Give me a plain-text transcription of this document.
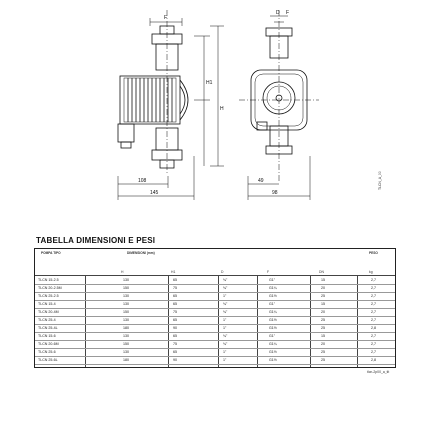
F
H1
H
108
145
D F
49
98
TLCN_A_00
TABELLA DIMENSIONI E PESI
POMPA TIPO	DIMENSIONI (mm)	PESO
H	H1	D	F	DN	kg
TLCN 15-2.5	130	65	¾"	G1"	15	2,7
TLCN 20-2.5M	150	75	¾"	G1¼	20	2,7
TLCN 25-2.5	130	65	1"	G1½	25	2,7
TLCN 15-4	130	65	¾"	G1"	15	2,7
TLCN 20-4M	150	75	¾"	G1¼	20	2,7
TLCN 25-4	130	65	1"	G1½	25	2,7
TLCN 25-4L	180	90	1"	G1½	25	2,8
TLCN 15-6	130	65	¾"	G1"	15	2,7
TLCN 20-6M	150	75	¾"	G1¼	20	2,7
TLCN 25-6	130	65	1"	G1½	25	2,7
TLCN 25-6L	180	90	1"	G1½	25	2,8
tlcn-2p00_a_tit
